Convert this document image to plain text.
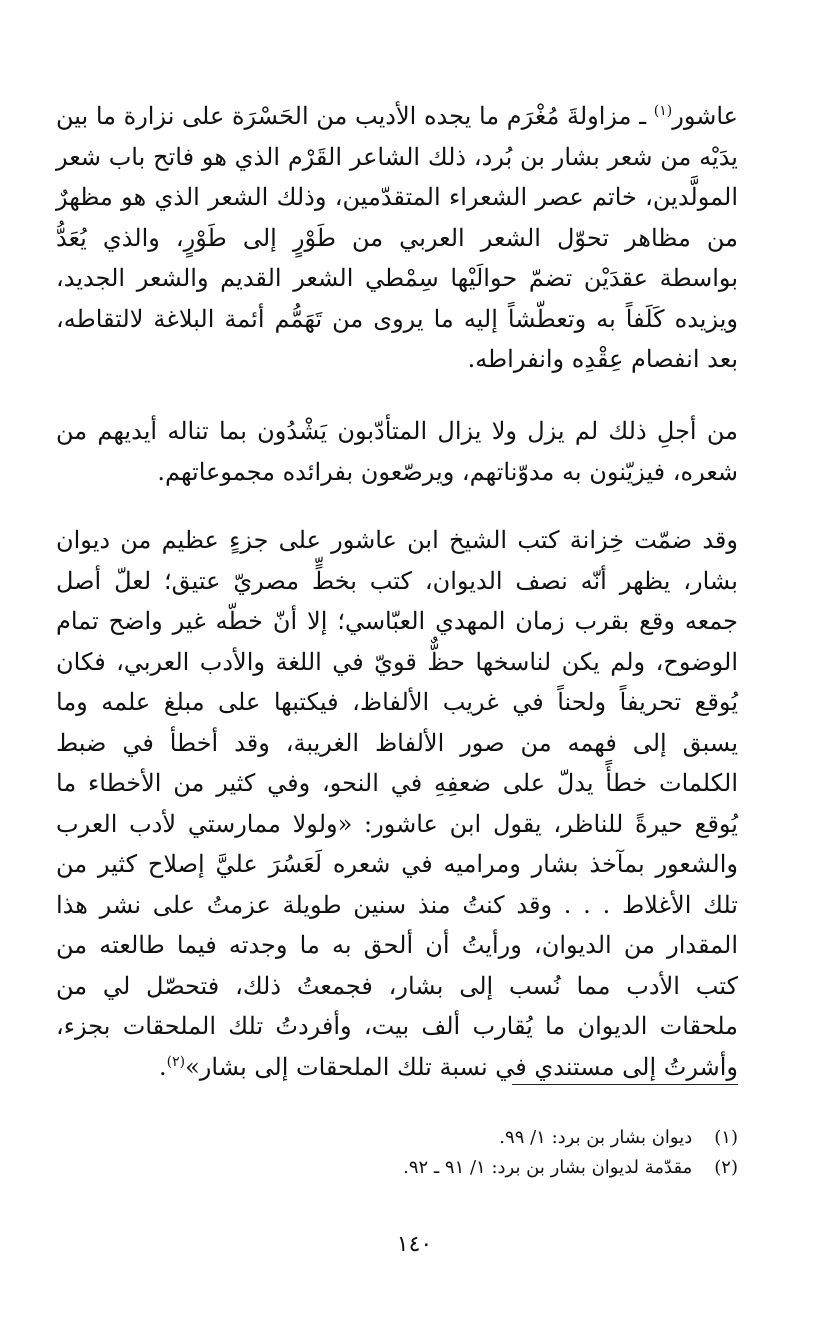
عاشور$^{(١)}$ ـ مزاولةَ مُغْرَم ما يجده الأديب من الحَسْرَة على نزارة ما بين يدَيْه من شعر بشار بن بُرد، ذلك الشاعر القَرْم الذي هو فاتح باب شعر المولَّدين، خاتم عصر الشعراء المتقدّمين، وذلك الشعر الذي هو مظهرٌ من مظاهر تحوّل الشعر العربي من طَوْرٍ إلى طَوْرٍ، والذي يُعَدُّ بواسطة عقدَيْن تضمّ حوالَيْها سِمْطي الشعر القديم والشعر الجديد، ويزيده كَلَفاً به وتعطّشاً إليه ما يروى من تَهَمُّم أئمة البلاغة لالتقاطه، بعد انفصام عِقْدِه وانفراطه.

من أجلِ ذلك لم يزل ولا يزال المتأدّبون يَشْدُون بما تناله أيديهم من شعره، فيزيّنون به مدوّناتهم، ويرصّعون بفرائده مجموعاتهم.

وقد ضمّت خِزانة كتب الشيخ ابن عاشور على جزءٍ عظيم من ديوان بشار، يظهر أنّه نصف الديوان، كتب بخطٍّ مصريّ عتيق؛ لعلّ أصل جمعه وقع بقرب زمان المهدي العبّاسي؛ إلا أنّ خطّه غير واضح تمام الوضوح، ولم يكن لناسخها حظٌّ قويّ في اللغة والأدب العربي، فكان يُوقع تحريفاً ولحناً في غريب الألفاظ، فيكتبها على مبلغ علمه وما يسبق إلى فهمه من صور الألفاظ الغريبة، وقد أخطأ في ضبط الكلمات خطأً يدلّ على ضعفِهِ في النحو، وفي كثير من الأخطاء ما يُوقع حيرةً للناظر، يقول ابن عاشور: «ولولا ممارستي لأدب العرب والشعور بمآخذ بشار ومراميه في شعره لَعَسُرَ عليَّ إصلاح كثير من تلك الأغلاط . . . وقد كنتُ منذ سنين طويلة عزمتُ على نشر هذا المقدار من الديوان، ورأيتُ أن ألحق به ما وجدته فيما طالعته من كتب الأدب مما نُسب إلى بشار، فجمعتُ ذلك، فتحصّل لي من ملحقات الديوان ما يُقارب ألف بيت، وأفردتُ تلك الملحقات بجزء، وأشرتُ إلى مستندي في نسبة تلك الملحقات إلى بشار»$^{(٢)}$.

(١) ديوان بشار بن برد: ١/ ٩٩.
(٢) مقدّمة لديوان بشار بن برد: ١/ ٩١ ـ ٩٢.
١٤٠
